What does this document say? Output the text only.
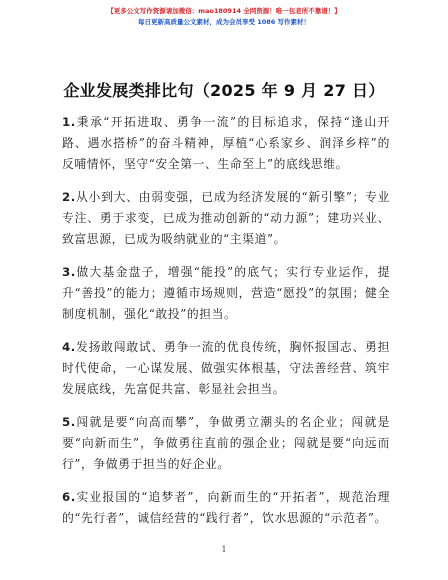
【更多公文写作资源请加微信：mao180914 全网资源！唯一包老所不靠谱！】
每日更新高质量公文素材，成为会员享受 1086 写作素材！
企业发展类排比句（2025 年 9 月 27 日）

1.秉承“开拓进取、勇争一流”的目标追求，保持“逢山开路、遇水搭桥”的奋斗精神，厚植“心系家乡、润泽乡梓”的反哺情怀，坚守“安全第一、生命至上”的底线思维。

2.从小到大、由弱变强，已成为经济发展的“新引擎”；专业专注、勇于求变，已成为推动创新的“动力源”；建功兴业、致富思源，已成为吸纳就业的“主渠道”。

3.做大基金盘子，增强“能投”的底气；实行专业运作，提升“善投”的能力；遵循市场规则，营造“愿投”的氛围；健全制度机制，强化“敢投”的担当。

4.发扬敢闯敢试、勇争一流的优良传统，胸怀报国志、勇担时代使命，一心谋发展、做强实体根基，守法善经营、筑牢发展底线，先富促共富、彰显社会担当。

5.闯就是要“向高而攀”，争做勇立潮头的名企业；闯就是要“向新而生”，争做勇往直前的强企业；闯就是要“向远而行”，争做勇于担当的好企业。

6.实业报国的“追梦者”，向新而生的“开拓者”，规范治理的“先行者”，诚信经营的“践行者”，饮水思源的“示范者”。

1
